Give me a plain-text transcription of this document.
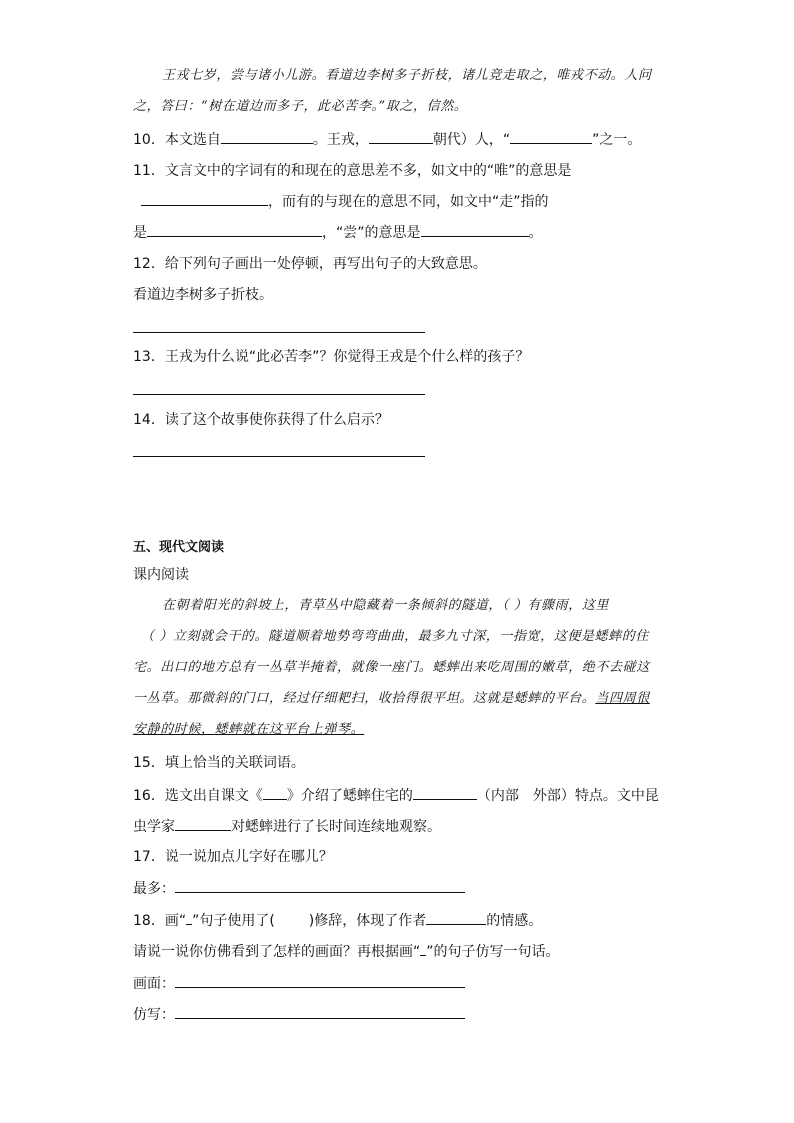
王戎七岁，尝与诸小儿游。看道边李树多子折枝，诸儿竞走取之，唯戎不动。人问
之，答曰：“树在道边而多子，此必苦李。”取之，信然。
10．本文选自	。王戎，	朝代）人，“	”之一。
11．文言文中的字词有的和现在的意思差不多，如文中的“唯”的意思是
，而有的与现在的意思不同，如文中“走”指的
是	，“尝”的意思是	。
12．给下列句子画出一处停顿，再写出句子的大致意思。
看道边李树多子折枝。
13．王戎为什么说“此必苦李”？你觉得王戎是个什么样的孩子？
14．读了这个故事使你获得了什么启示？
五、现代文阅读
课内阅读
在朝着阳光的斜坡上，青草丛中隐藏着一条倾斜的隧道，（ ）有骤雨，这里
（ ）立刻就会干的。隧道顺着地势弯弯曲曲，最多九寸深，一指宽，这便是蟋蟀的住
宅。出口的地方总有一丛草半掩着，就像一座门。蟋蟀出来吃周围的嫩草，绝不去碰这
一丛草。那微斜的门口，经过仔细耙扫，收拾得很平坦。这就是蟋蟀的平台。当四周很
安静的时候，蟋蟀就在这平台上弹琴。
15．填上恰当的关联词语。
16．选文出自课文《 》介绍了蟋蟀住宅的	（内部　外部）特点。文中昆
虫学家	对蟋蟀进行了长时间连续地观察。
17．说一说加点儿字好在哪儿？
最多：
18．画“ ”句子使用了( )修辞，体现了作者	的情感。
请说一说你仿佛看到了怎样的画面？再根据画“ ”的句子仿写一句话。
画面：
仿写：
